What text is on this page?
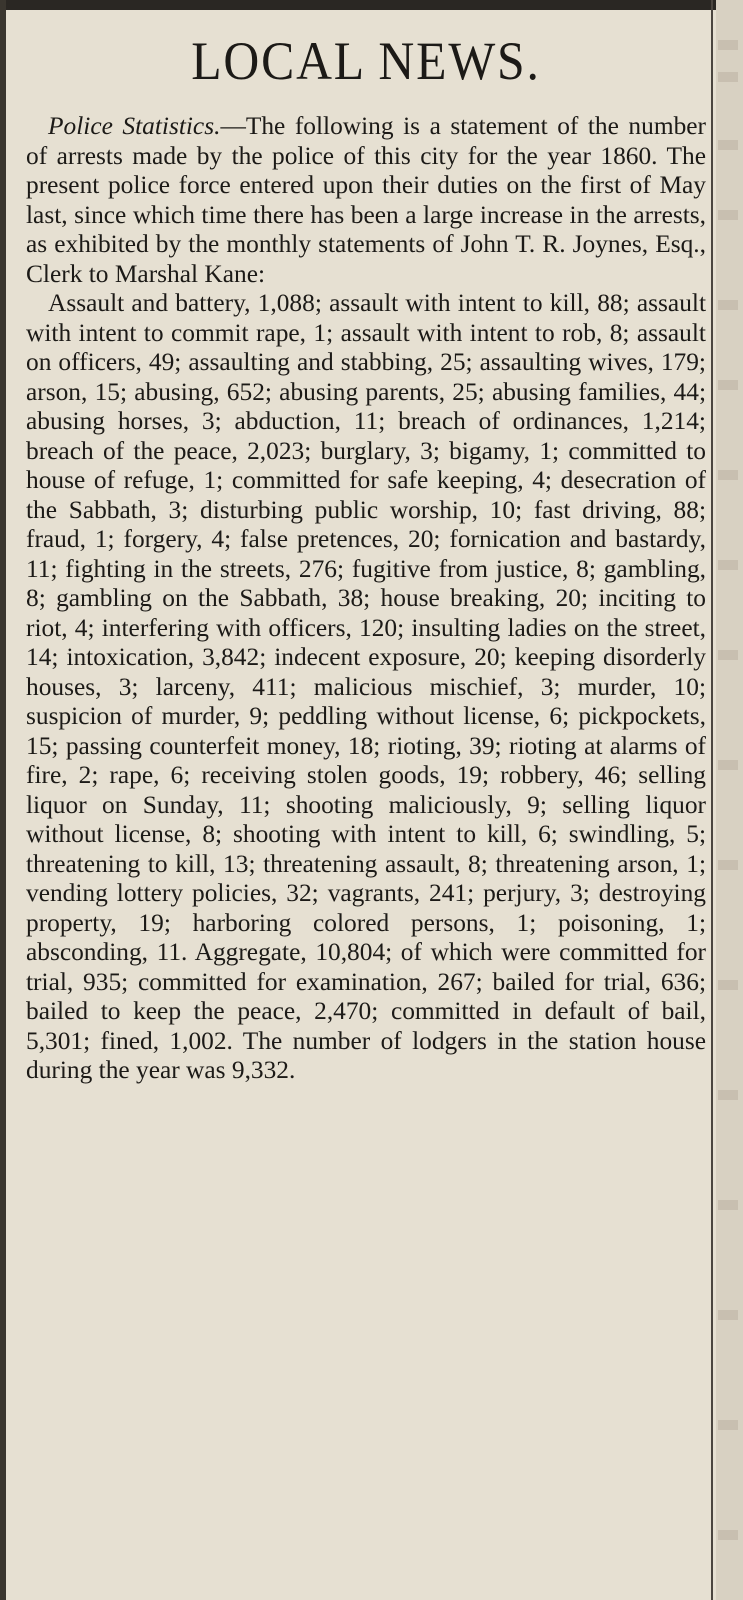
LOCAL NEWS.

Police Statistics.—The following is a statement of the number of arrests made by the police of this city for the year 1860. The present police force entered upon their duties on the first of May last, since which time there has been a large increase in the arrests, as exhibited by the monthly statements of John T. R. Joynes, Esq., Clerk to Marshal Kane:

Assault and battery, 1,088; assault with intent to kill, 88; assault with intent to commit rape, 1; assault with intent to rob, 8; assault on officers, 49; assaulting and stabbing, 25; assaulting wives, 179; arson, 15; abusing, 652; abusing parents, 25; abusing families, 44; abusing horses, 3; abduction, 11; breach of ordinances, 1,214; breach of the peace, 2,023; burglary, 3; bigamy, 1; committed to house of refuge, 1; committed for safe keeping, 4; desecration of the Sabbath, 3; disturbing public worship, 10; fast driving, 88; fraud, 1; forgery, 4; false pretences, 20; fornication and bastardy, 11; fighting in the streets, 276; fugitive from justice, 8; gambling, 8; gambling on the Sabbath, 38; house breaking, 20; inciting to riot, 4; interfering with officers, 120; insulting ladies on the street, 14; intoxication, 3,842; indecent exposure, 20; keeping disorderly houses, 3; larceny, 411; malicious mischief, 3; murder, 10; suspicion of murder, 9; peddling without license, 6; pickpockets, 15; passing counterfeit money, 18; rioting, 39; rioting at alarms of fire, 2; rape, 6; receiving stolen goods, 19; robbery, 46; selling liquor on Sunday, 11; shooting maliciously, 9; selling liquor without license, 8; shooting with intent to kill, 6; swindling, 5; threatening to kill, 13; threatening assault, 8; threatening arson, 1; vending lottery policies, 32; vagrants, 241; perjury, 3; destroying property, 19; harboring colored persons, 1; poisoning, 1; absconding, 11. Aggregate, 10,804; of which were committed for trial, 935; committed for examination, 267; bailed for trial, 636; bailed to keep the peace, 2,470; committed in default of bail, 5,301; fined, 1,002. The number of lodgers in the station house during the year was 9,332.
